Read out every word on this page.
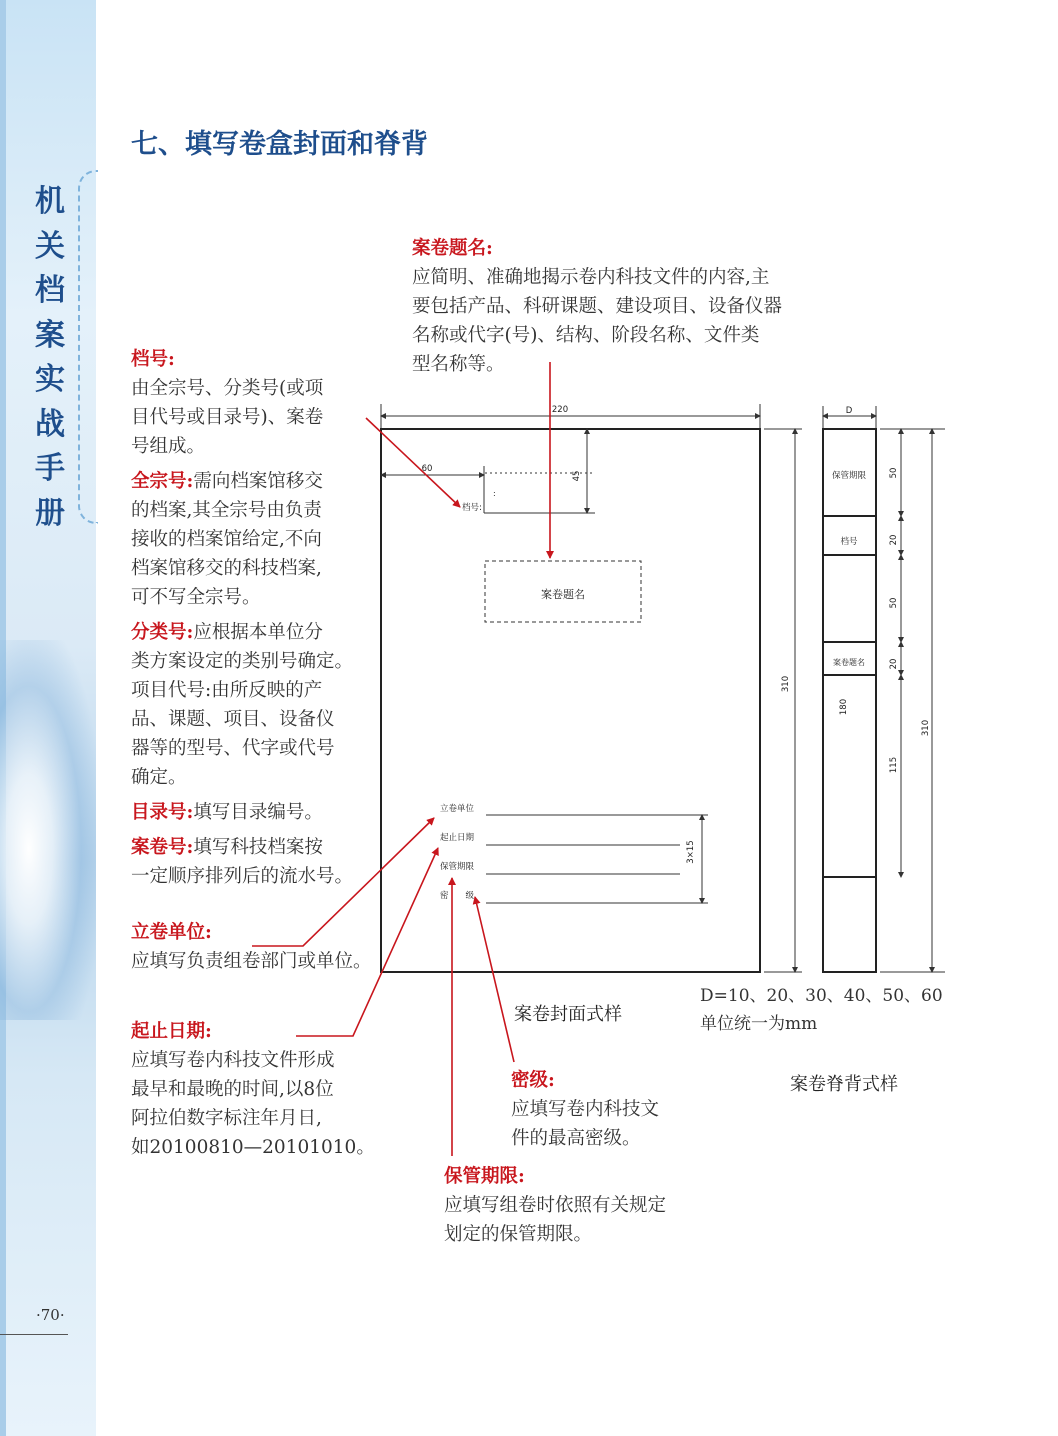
机
关
档
案
实
战
手
册
七、填写卷盒封面和脊背

案卷题名:

应简明、准确地揭示卷内科技文件的内容,主

要包括产品、科研课题、建设项目、设备仪器

名称或代字(号)、结构、阶段名称、文件类

型名称等。

档号:

由全宗号、分类号(或项

目代号或目录号)、案卷

号组成。

全宗号:需向档案馆移交

的档案,其全宗号由负责

接收的档案馆给定,不向

档案馆移交的科技档案,

可不写全宗号。

分类号:应根据本单位分

类方案设定的类别号确定。

项目代号:由所反映的产

品、课题、项目、设备仪

器等的型号、代字或代号

确定。

目录号:填写目录编号。

案卷号:填写科技档案按

一定顺序排列后的流水号。

立卷单位:

应填写负责组卷部门或单位。

起止日期:

应填写卷内科技文件形成

最早和最晚的时间,以8位

阿拉伯数字标注年月日,

如20100810—20101010。

密级:

应填写卷内科技文

件的最高密级。

保管期限:

应填写组卷时依照有关规定

划定的保管期限。

案卷封面式样

D=10、20、30、40、50、60

单位统一为mm

案卷脊背式样
220
60
45
310
3×15
档号:
:
案卷题名
立卷单位
起止日期
保管期限
密　　级
D
保管期限
档号
案卷题名
180
50
20
50
20
115
310
·70·
